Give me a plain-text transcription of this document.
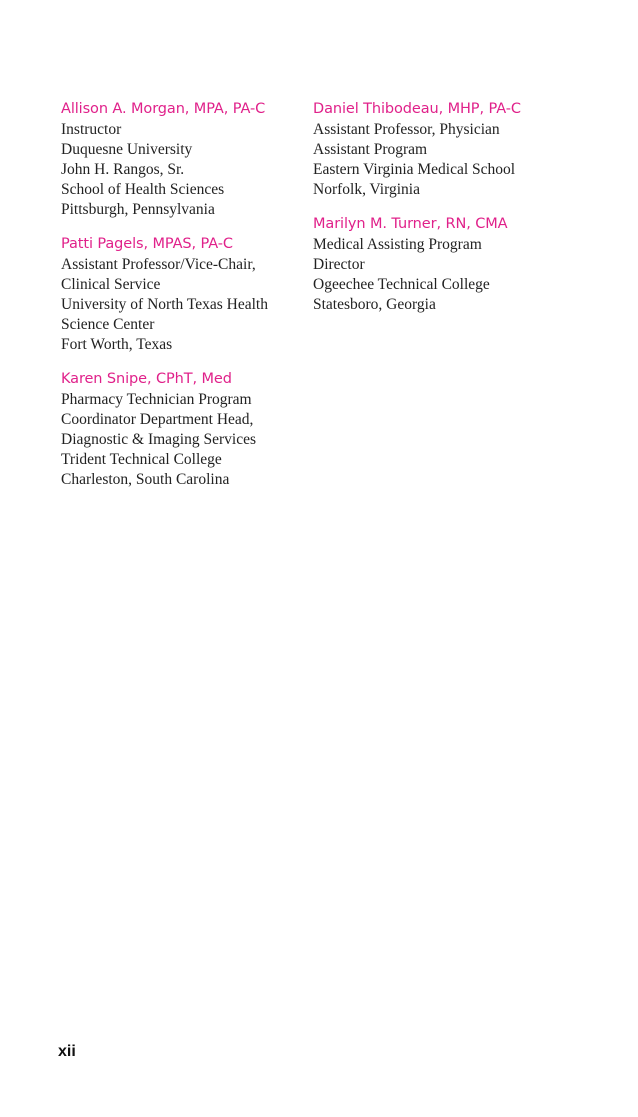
Allison A. Morgan, MPA, PA-C
Instructor
Duquesne University
John H. Rangos, Sr.
School of Health Sciences
Pittsburgh, Pennsylvania
Patti Pagels, MPAS, PA-C
Assistant Professor/Vice-Chair,
Clinical Service
University of North Texas Health
Science Center
Fort Worth, Texas
Karen Snipe, CPhT, Med
Pharmacy Technician Program
Coordinator Department Head,
Diagnostic & Imaging Services
Trident Technical College
Charleston, South Carolina
Daniel Thibodeau, MHP, PA-C
Assistant Professor, Physician
Assistant Program
Eastern Virginia Medical School
Norfolk, Virginia
Marilyn M. Turner, RN, CMA
Medical Assisting Program
Director
Ogeechee Technical College
Statesboro, Georgia
xii
